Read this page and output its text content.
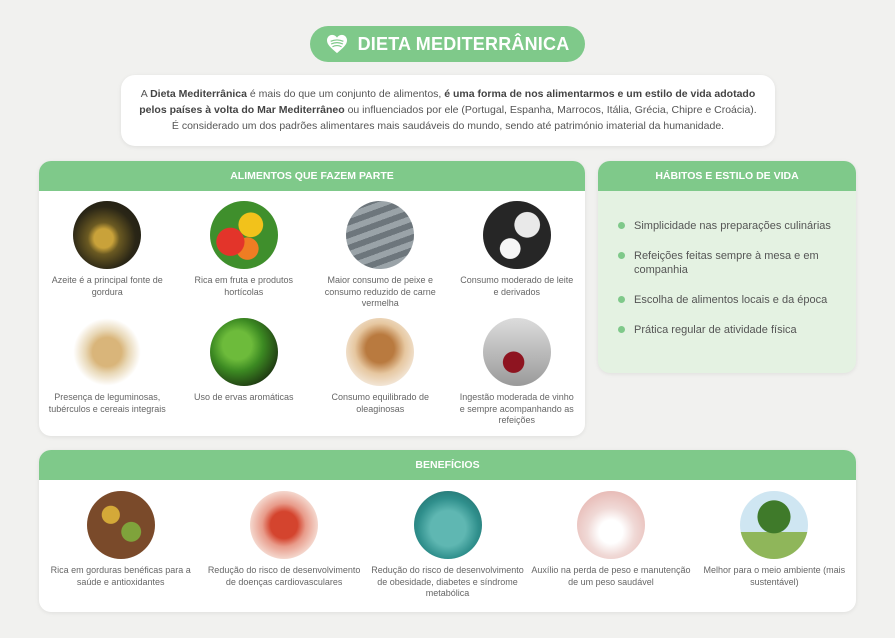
DIETA MEDITERRÂNICA

A Dieta Mediterrânica é mais do que um conjunto de alimentos, é uma forma de nos alimentarmos e um estilo de vida adotado pelos países à volta do Mar Mediterrâneo ou influenciados por ele (Portugal, Espanha, Marrocos, Itália, Grécia, Chipre e Croácia).

É considerado um dos padrões alimentares mais saudáveis do mundo, sendo até património imaterial da humanidade.

ALIMENTOS QUE FAZEM PARTE
Azeite é a principal fonte de gordura
Rica em fruta e produtos hortícolas
Maior consumo de peixe e consumo reduzido de carne vermelha
Consumo moderado de leite e derivados
Presença de leguminosas, tubérculos e cereais integrais
Uso de ervas aromáticas	Consumo equilibrado de oleaginosas
Ingestão moderada de vinho e sempre acompanhando as refeições
HÁBITOS E ESTILO DE VIDA
Simplicidade nas preparações culinárias
Refeições feitas sempre à mesa e em companhia
Escolha de alimentos locais e da época
Prática regular de atividade física
BENEFÍCIOS
Rica em gorduras benéficas para a saúde e antioxidantes
Redução do risco de desenvolvimento de doenças cardiovasculares
Redução do risco de desenvolvimento de obesidade, diabetes e síndrome metabólica
Auxílio na perda de peso e manutenção de um peso saudável
Melhor para o meio ambiente (mais sustentável)
